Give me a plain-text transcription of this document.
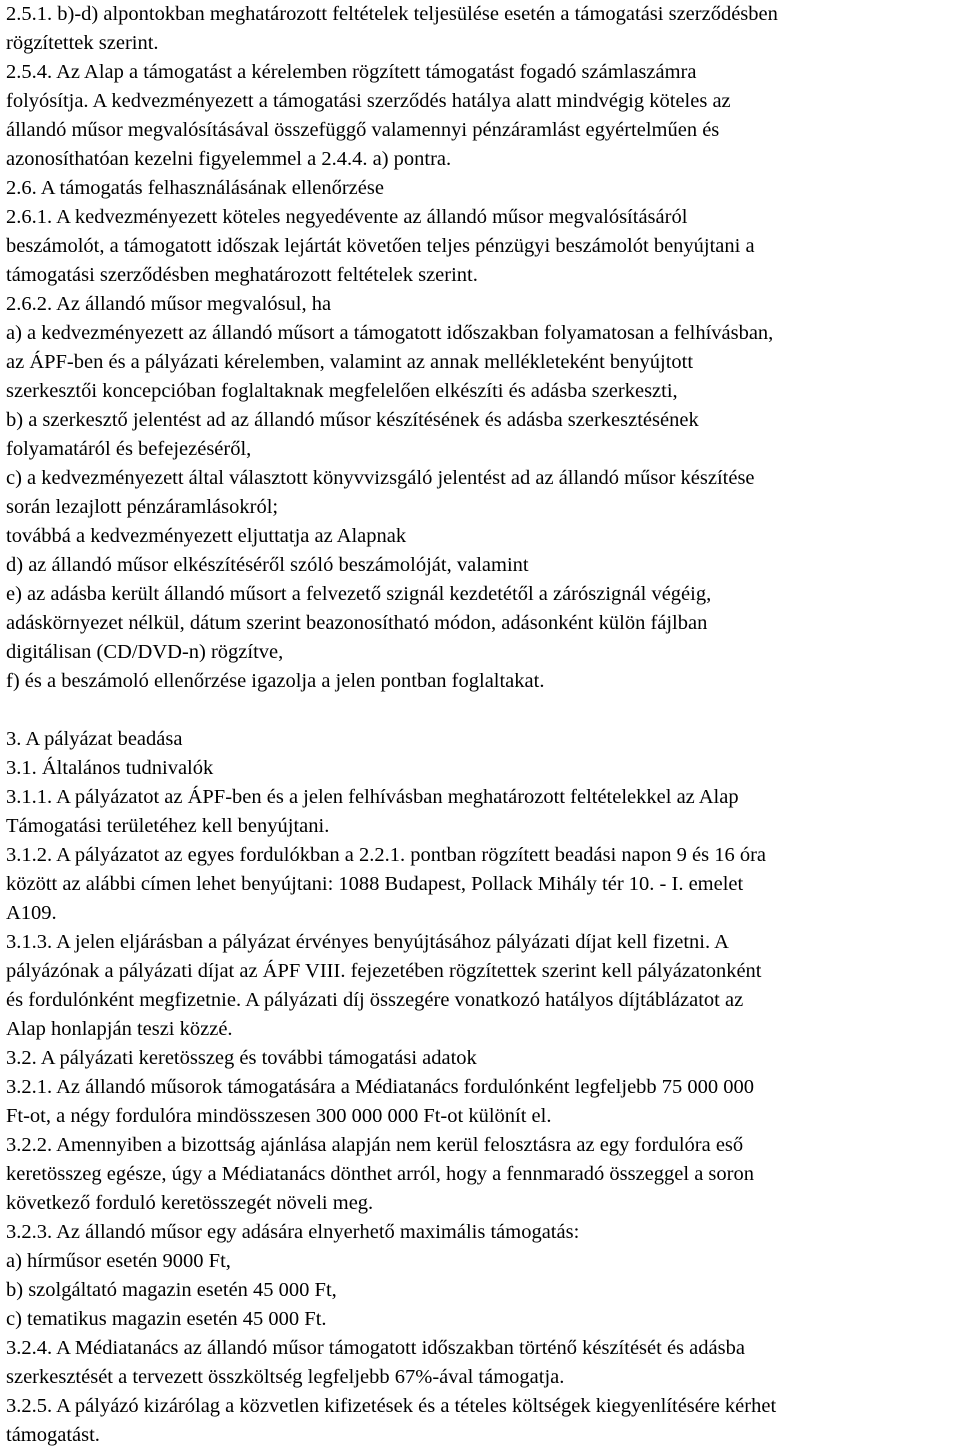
2.5.1. b)-d) alpontokban meghatározott feltételek teljesülése esetén a támogatási szerződésben
rögzítettek szerint.
2.5.4. Az Alap a támogatást a kérelemben rögzített támogatást fogadó számlaszámra
folyósítja. A kedvezményezett a támogatási szerződés hatálya alatt mindvégig köteles az
állandó műsor megvalósításával összefüggő valamennyi pénzáramlást egyértelműen és
azonosíthatóan kezelni figyelemmel a 2.4.4. a) pontra.
2.6. A támogatás felhasználásának ellenőrzése
2.6.1. A kedvezményezett köteles negyedévente az állandó műsor megvalósításáról
beszámolót, a támogatott időszak lejártát követően teljes pénzügyi beszámolót benyújtani a
támogatási szerződésben meghatározott feltételek szerint.
2.6.2. Az állandó műsor megvalósul, ha
a) a kedvezményezett az állandó műsort a támogatott időszakban folyamatosan a felhívásban,
az ÁPF-ben és a pályázati kérelemben, valamint az annak mellékleteként benyújtott
szerkesztői koncepcióban foglaltaknak megfelelően elkészíti és adásba szerkeszti,
b) a szerkesztő jelentést ad az állandó műsor készítésének és adásba szerkesztésének
folyamatáról és befejezéséről,
c) a kedvezményezett által választott könyvvizsgáló jelentést ad az állandó műsor készítése
során lezajlott pénzáramlásokról;
továbbá a kedvezményezett eljuttatja az Alapnak
d) az állandó műsor elkészítéséről szóló beszámolóját, valamint
e) az adásba került állandó műsort a felvezető szignál kezdetétől a zárószignál végéig,
adáskörnyezet nélkül, dátum szerint beazonosítható módon, adásonként külön fájlban
digitálisan (CD/DVD-n) rögzítve,
f) és a beszámoló ellenőrzése igazolja a jelen pontban foglaltakat.
3. A pályázat beadása
3.1. Általános tudnivalók
3.1.1. A pályázatot az ÁPF-ben és a jelen felhívásban meghatározott feltételekkel az Alap
Támogatási területéhez kell benyújtani.
3.1.2. A pályázatot az egyes fordulókban a 2.2.1. pontban rögzített beadási napon 9 és 16 óra
között az alábbi címen lehet benyújtani: 1088 Budapest, Pollack Mihály tér 10. - I. emelet
A109.
3.1.3. A jelen eljárásban a pályázat érvényes benyújtásához pályázati díjat kell fizetni. A
pályázónak a pályázati díjat az ÁPF VIII. fejezetében rögzítettek szerint kell pályázatonként
és fordulónként megfizetnie. A pályázati díj összegére vonatkozó hatályos díjtáblázatot az
Alap honlapján teszi közzé.
3.2. A pályázati keretösszeg és további támogatási adatok
3.2.1. Az állandó műsorok támogatására a Médiatanács fordulónként legfeljebb 75 000 000
Ft-ot, a négy fordulóra mindösszesen 300 000 000 Ft-ot különít el.
3.2.2. Amennyiben a bizottság ajánlása alapján nem kerül felosztásra az egy fordulóra eső
keretösszeg egésze, úgy a Médiatanács dönthet arról, hogy a fennmaradó összeggel a soron
következő forduló keretösszegét növeli meg.
3.2.3. Az állandó műsor egy adására elnyerhető maximális támogatás:
a) hírműsor esetén 9000 Ft,
b) szolgáltató magazin esetén 45 000 Ft,
c) tematikus magazin esetén 45 000 Ft.
3.2.4. A Médiatanács az állandó műsor támogatott időszakban történő készítését és adásba
szerkesztését a tervezett összköltség legfeljebb 67%-ával támogatja.
3.2.5. A pályázó kizárólag a közvetlen kifizetések és a tételes költségek kiegyenlítésére kérhet
támogatást.
